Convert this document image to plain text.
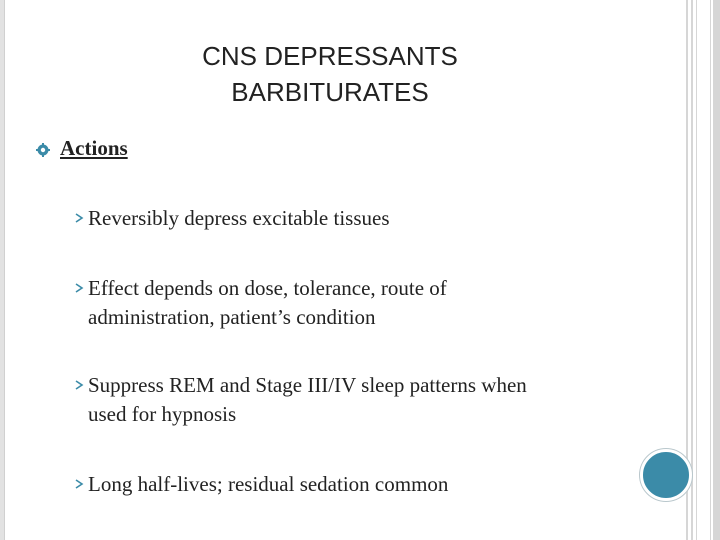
CNS DEPRESSANTS
BARBITURATES
Actions
Reversibly depress excitable tissues
Effect depends on dose, tolerance, route of
administration, patient’s condition
Suppress REM and Stage III/IV sleep patterns when
used for hypnosis
Long half-lives; residual sedation common
